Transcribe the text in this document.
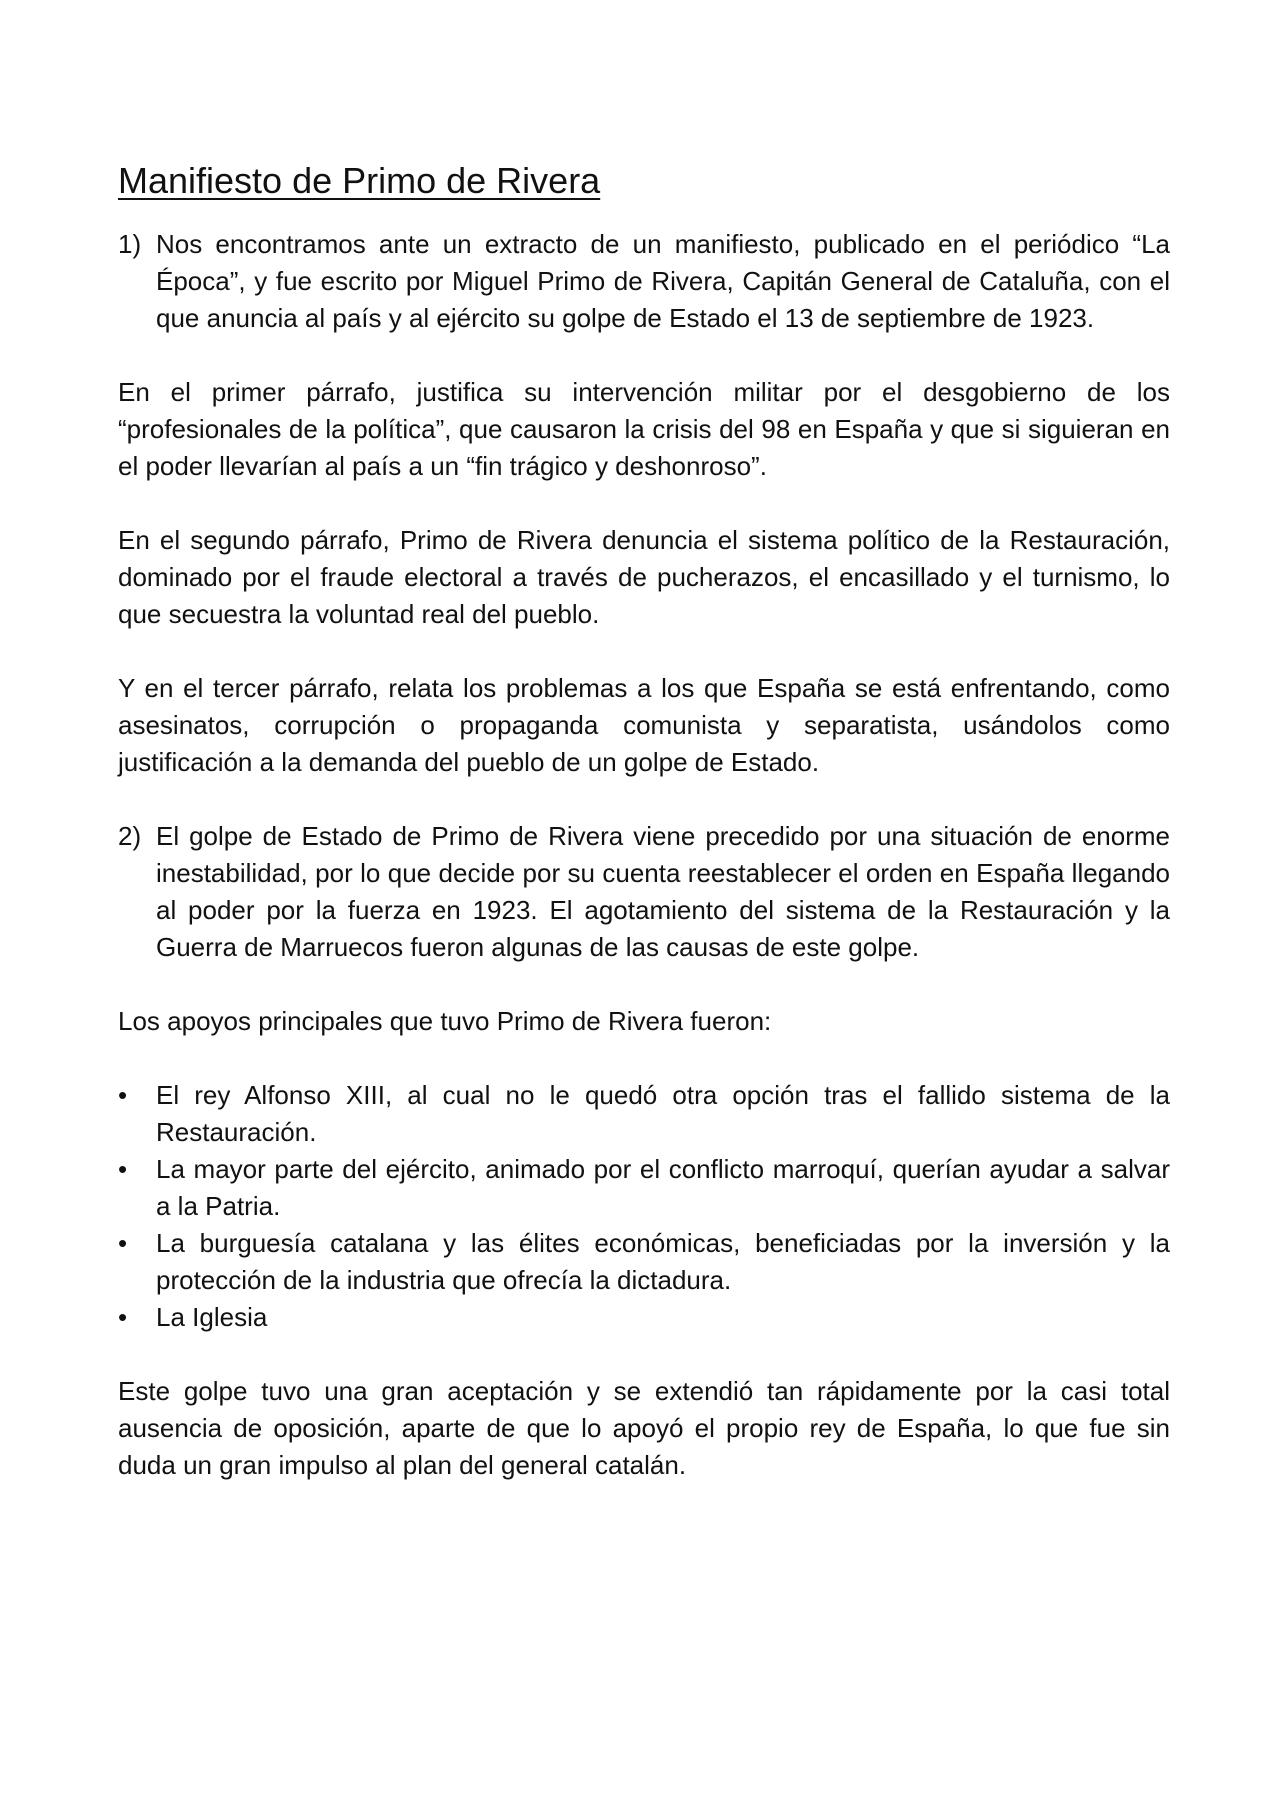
Manifiesto de Primo de Rivera
1) Nos encontramos ante un extracto de un manifiesto, publicado en el periódico “La Época”, y fue escrito por Miguel Primo de Rivera, Capitán General de Cataluña, con el que anuncia al país y al ejército su golpe de Estado el 13 de septiembre de 1923.

En el primer párrafo, justifica su intervención militar por el desgobierno de los “profesionales de la política”, que causaron la crisis del 98 en España y que si siguieran en el poder llevarían al país a un “fin trágico y deshonroso”.

En el segundo párrafo, Primo de Rivera denuncia el sistema político de la Restauración, dominado por el fraude electoral a través de pucherazos, el encasillado y el turnismo, lo que secuestra la voluntad real del pueblo.

Y en el tercer párrafo, relata los problemas a los que España se está enfrentando, como asesinatos, corrupción o propaganda comunista y separatista, usándolos como justificación a la demanda del pueblo de un golpe de Estado.

2) El golpe de Estado de Primo de Rivera viene precedido por una situación de enorme inestabilidad, por lo que decide por su cuenta reestablecer el orden en España llegando al poder por la fuerza en 1923. El agotamiento del sistema de la Restauración y la Guerra de Marruecos fueron algunas de las causas de este golpe.

Los apoyos principales que tuvo Primo de Rivera fueron:

•	El rey Alfonso XIII, al cual no le quedó otra opción tras el fallido sistema de la Restauración.
•	La mayor parte del ejército, animado por el conflicto marroquí, querían ayudar a salvar a la Patria.
•	La burguesía catalana y las élites económicas, beneficiadas por la inversión y la protección de la industria que ofrecía la dictadura.
•	La Iglesia

Este golpe tuvo una gran aceptación y se extendió tan rápidamente por la casi total ausencia de oposición, aparte de que lo apoyó el propio rey de España, lo que fue sin duda un gran impulso al plan del general catalán.
